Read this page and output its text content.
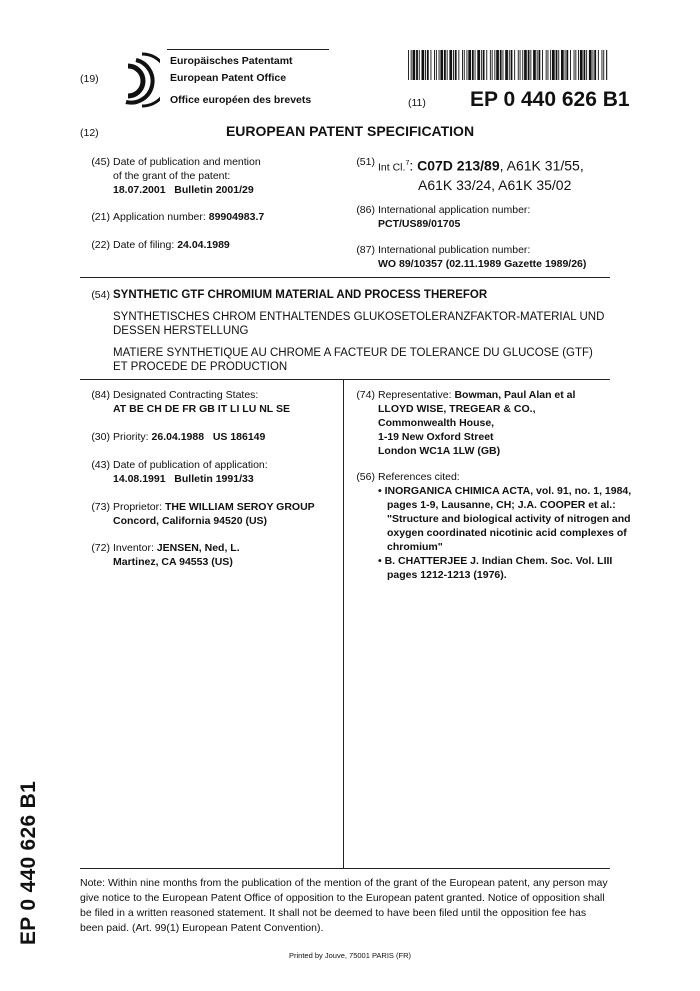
(19)
Europäisches Patentamt
European Patent Office
Office européen des brevets	(11) EP 0 440 626 B1
(12)	EUROPEAN PATENT SPECIFICATION
(45) Date of publication and mention
of the grant of the patent:
18.07.2001   Bulletin 2001/29
(21) Application number: 89904983.7
(22) Date of filing: 24.04.1989
(51) Int Cl.$^7$: C07D 213/89, A61K 31/55,
A61K 33/24, A61K 35/02
(86) International application number:
PCT/US89/01705
(87) International publication number:
WO 89/10357 (02.11.1989 Gazette 1989/26)
(54) SYNTHETIC GTF CHROMIUM MATERIAL AND PROCESS THEREFOR
SYNTHETISCHES CHROM ENTHALTENDES GLUKOSETOLERANZFAKTOR-MATERIAL UND DESSEN HERSTELLUNG
MATIERE SYNTHETIQUE AU CHROME A FACTEUR DE TOLERANCE DU GLUCOSE (GTF) ET PROCEDE DE PRODUCTION
(84) Designated Contracting States:
AT BE CH DE FR GB IT LI LU NL SE
(30) Priority: 26.04.1988   US 186149
(43) Date of publication of application:
14.08.1991   Bulletin 1991/33
(73) Proprietor: THE WILLIAM SEROY GROUP
Concord, California 94520 (US)
(72) Inventor: JENSEN, Ned, L.
Martinez, CA 94553 (US)
(74) Representative: Bowman, Paul Alan et al
LLOYD WISE, TREGEAR & CO.,
Commonwealth House,
1-19 New Oxford Street
London WC1A 1LW (GB)
(56) References cited:
• INORGANICA CHIMICA ACTA, vol. 91, no. 1, 1984, pages 1-9, Lausanne, CH; J.A. COOPER et al.: "Structure and biological activity of nitrogen and oxygen coordinated nicotinic acid complexes of chromium"
• B. CHATTERJEE J. Indian Chem. Soc. Vol. LIII pages 1212-1213 (1976).
Note: Within nine months from the publication of the mention of the grant of the European patent, any person may give notice to the European Patent Office of opposition to the European patent granted. Notice of opposition shall be filed in a written reasoned statement. It shall not be deemed to have been filed until the opposition fee has been paid. (Art. 99(1) European Patent Convention).
Printed by Jouve, 75001 PARIS (FR)
EP 0 440 626 B1
